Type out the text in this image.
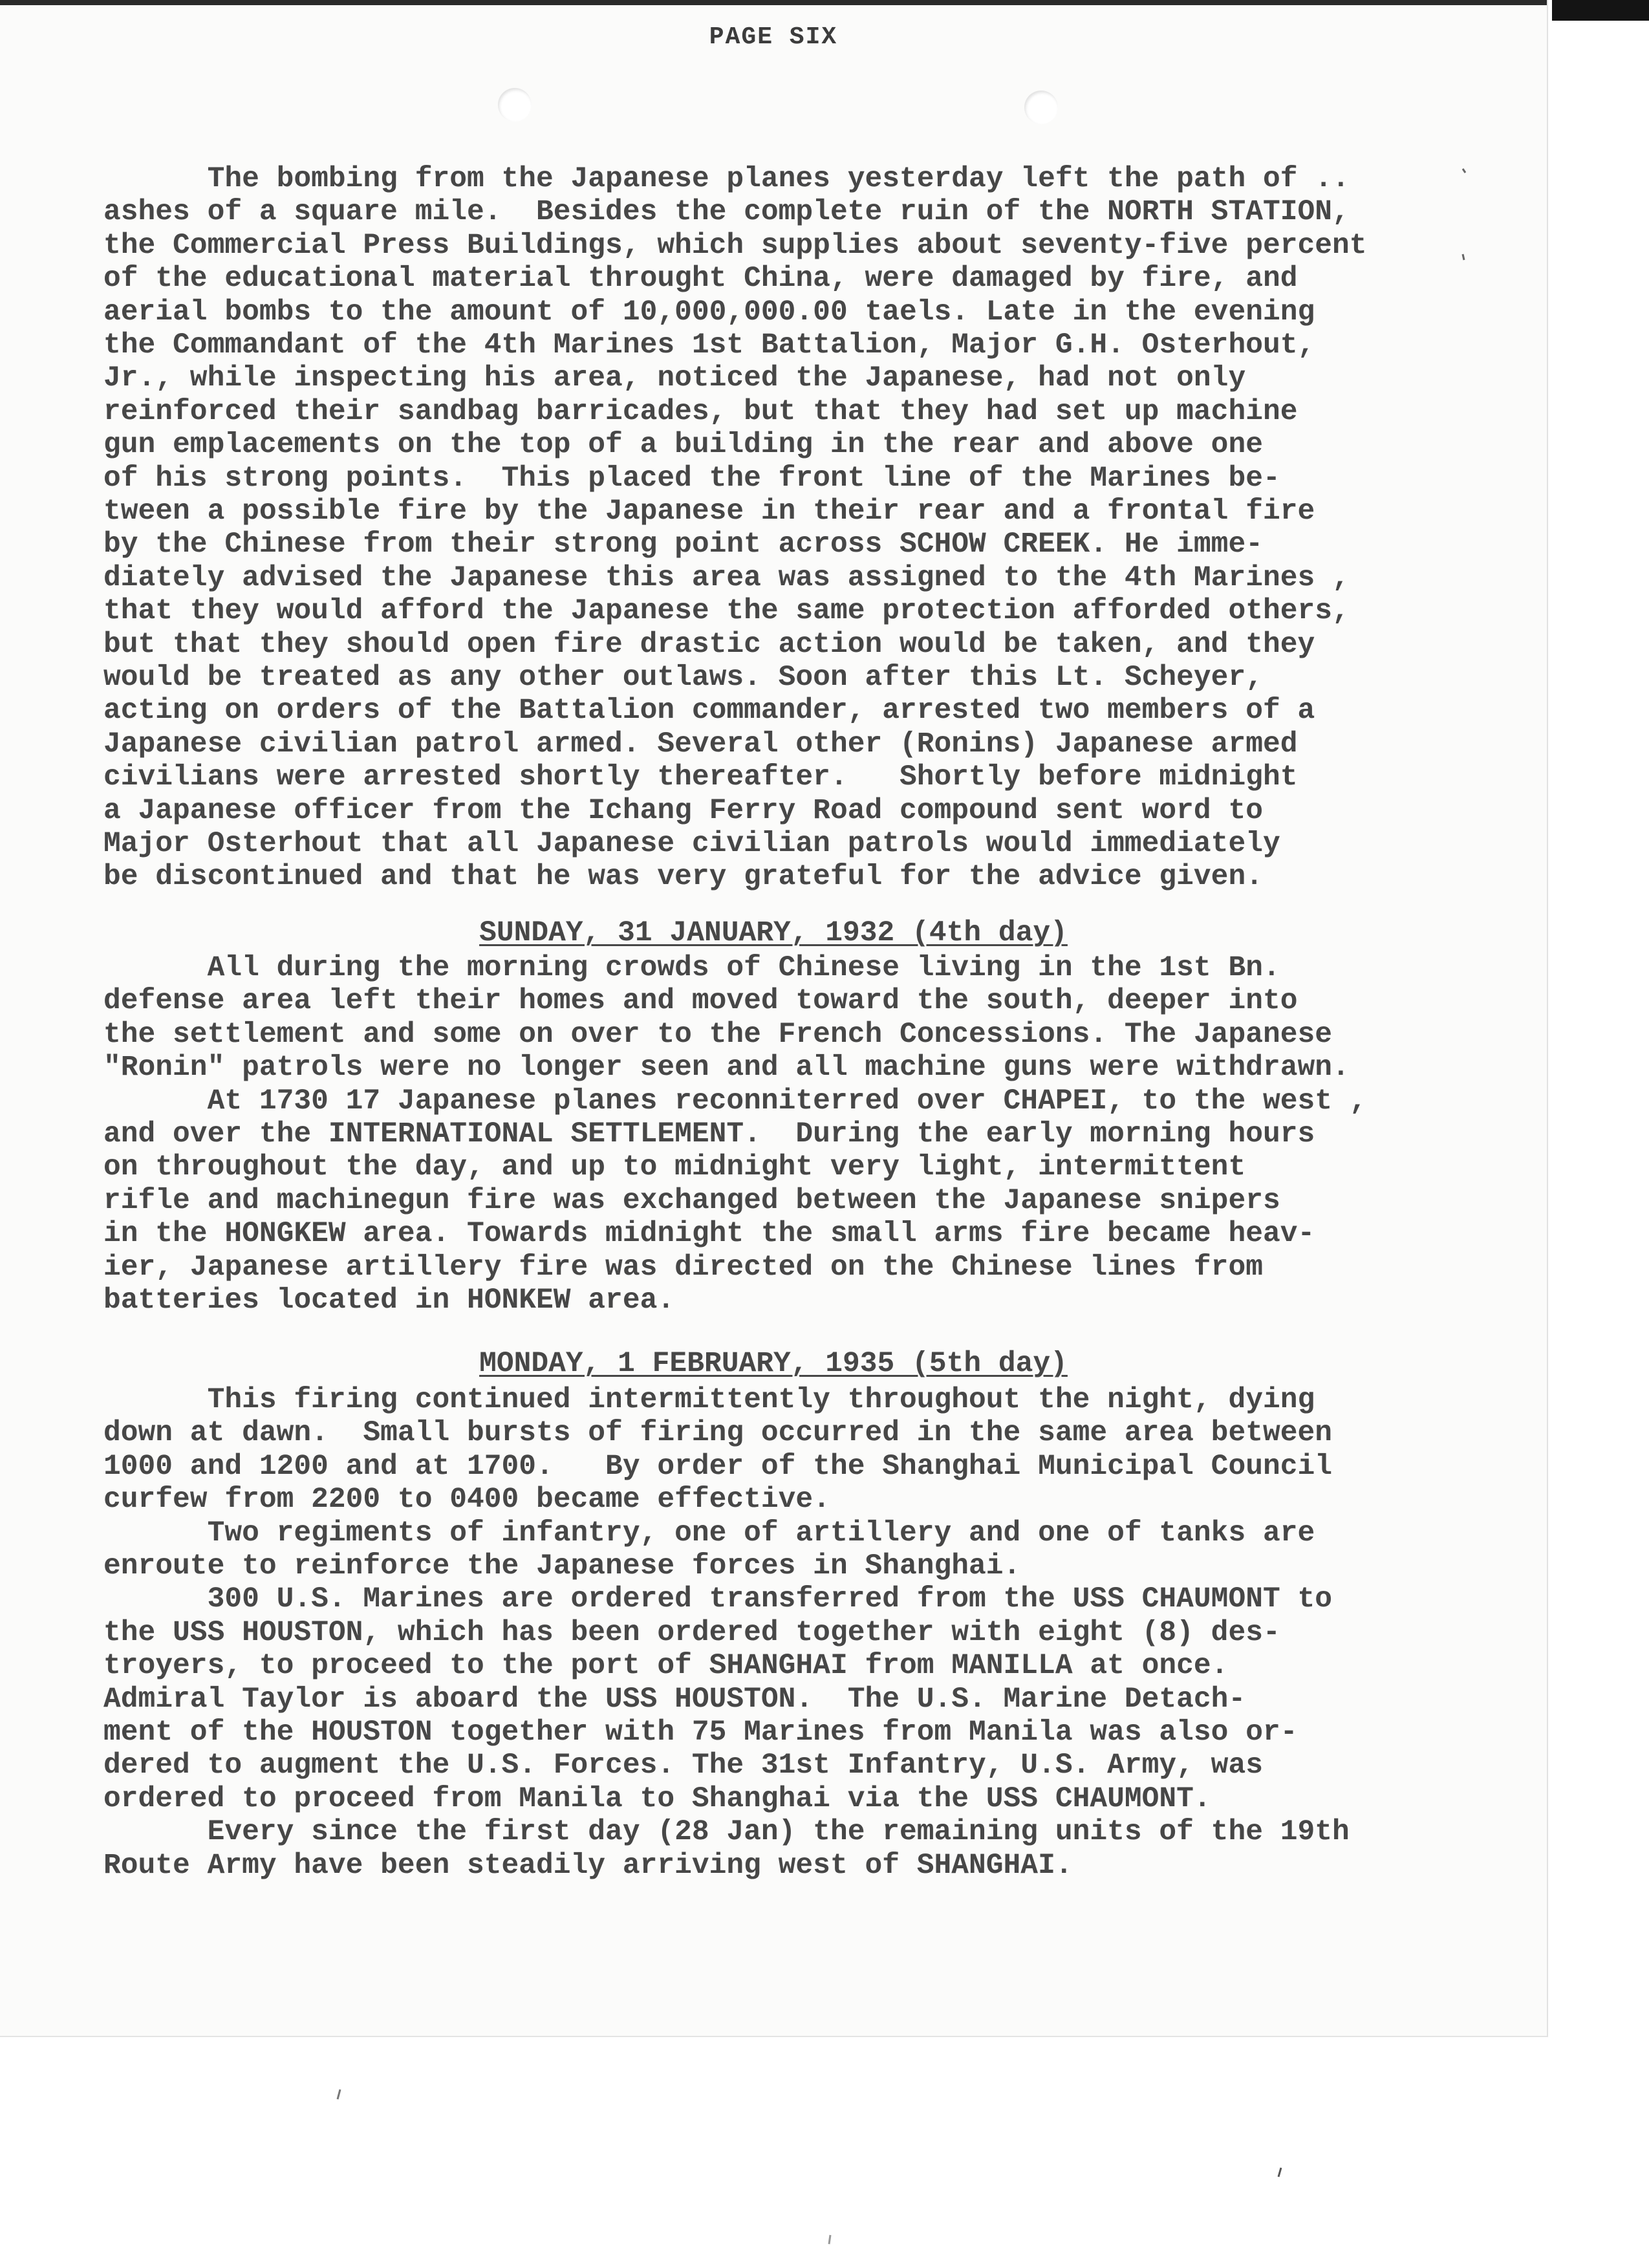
PAGE SIX
The bombing from the Japanese planes yesterday left the path of ..
ashes of a square mile.  Besides the complete ruin of the NORTH STATION,
the Commercial Press Buildings, which supplies about seventy-five percent
of the educational material throught China, were damaged by fire, and
aerial bombs to the amount of 10,000,000.00 taels. Late in the evening
the Commandant of the 4th Marines 1st Battalion, Major G.H. Osterhout,
Jr., while inspecting his area, noticed the Japanese, had not only
reinforced their sandbag barricades, but that they had set up machine
gun emplacements on the top of a building in the rear and above one
of his strong points.  This placed the front line of the Marines be-
tween a possible fire by the Japanese in their rear and a frontal fire
by the Chinese from their strong point across SCHOW CREEK. He imme-
diately advised the Japanese this area was assigned to the 4th Marines ,
that they would afford the Japanese the same protection afforded others,
but that they should open fire drastic action would be taken, and they
would be treated as any other outlaws. Soon after this Lt. Scheyer,
acting on orders of the Battalion commander, arrested two members of a
Japanese civilian patrol armed. Several other (Ronins) Japanese armed
civilians were arrested shortly thereafter.   Shortly before midnight
a Japanese officer from the Ichang Ferry Road compound sent word to
Major Osterhout that all Japanese civilian patrols would immediately
be discontinued and that he was very grateful for the advice given.
SUNDAY, 31 JANUARY, 1932 (4th day)
All during the morning crowds of Chinese living in the 1st Bn.
defense area left their homes and moved toward the south, deeper into
the settlement and some on over to the French Concessions. The Japanese
"Ronin" patrols were no longer seen and all machine guns were withdrawn.
At 1730 17 Japanese planes reconniterred over CHAPEI, to the west ,
and over the INTERNATIONAL SETTLEMENT.  During the early morning hours
on throughout the day, and up to midnight very light, intermittent
rifle and machinegun fire was exchanged between the Japanese snipers
in the HONGKEW area. Towards midnight the small arms fire became heav-
ier, Japanese artillery fire was directed on the Chinese lines from
batteries located in HONKEW area.
MONDAY, 1 FEBRUARY, 1935 (5th day)
This firing continued intermittently throughout the night, dying
down at dawn.  Small bursts of firing occurred in the same area between
1000 and 1200 and at 1700.   By order of the Shanghai Municipal Council
curfew from 2200 to 0400 became effective.
Two regiments of infantry, one of artillery and one of tanks are
enroute to reinforce the Japanese forces in Shanghai.
300 U.S. Marines are ordered transferred from the USS CHAUMONT to
the USS HOUSTON, which has been ordered together with eight (8) des-
troyers, to proceed to the port of SHANGHAI from MANILLA at once.
Admiral Taylor is aboard the USS HOUSTON.  The U.S. Marine Detach-
ment of the HOUSTON together with 75 Marines from Manila was also or-
dered to augment the U.S. Forces. The 31st Infantry, U.S. Army, was
ordered to proceed from Manila to Shanghai via the USS CHAUMONT.
Every since the first day (28 Jan) the remaining units of the 19th
Route Army have been steadily arriving west of SHANGHAI.
